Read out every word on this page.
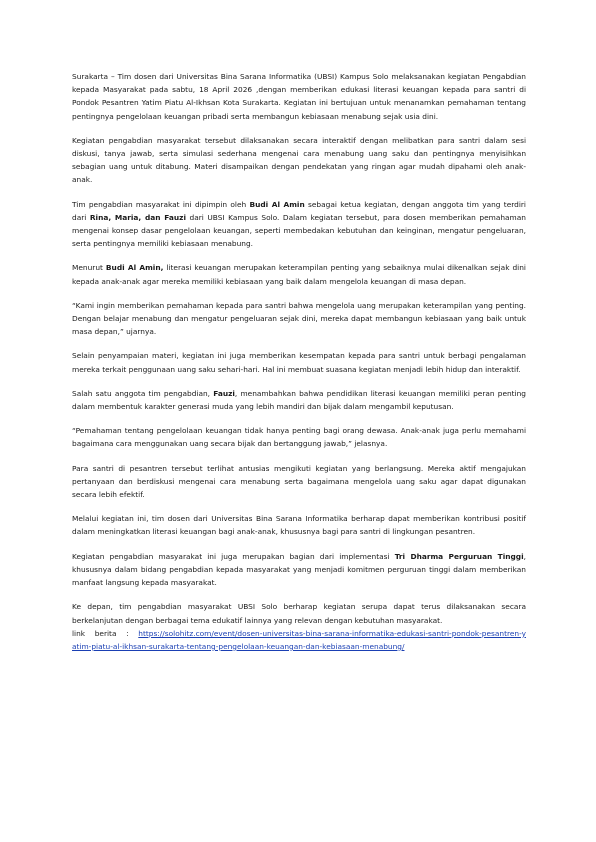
Surakarta – Tim dosen dari Universitas Bina Sarana Informatika (UBSI) Kampus Solo melaksanakan kegiatan Pengabdian kepada Masyarakat pada sabtu, 18 April 2026 ,dengan memberikan edukasi literasi keuangan kepada para santri di Pondok Pesantren Yatim Piatu Al-Ikhsan Kota Surakarta. Kegiatan ini bertujuan untuk menanamkan pemahaman tentang pentingnya pengelolaan keuangan pribadi serta membangun kebiasaan menabung sejak usia dini.

Kegiatan pengabdian masyarakat tersebut dilaksanakan secara interaktif dengan melibatkan para santri dalam sesi diskusi, tanya jawab, serta simulasi sederhana mengenai cara menabung uang saku dan pentingnya menyisihkan sebagian uang untuk ditabung. Materi disampaikan dengan pendekatan yang ringan agar mudah dipahami oleh anak-anak.

Tim pengabdian masyarakat ini dipimpin oleh Budi Al Amin sebagai ketua kegiatan, dengan anggota tim yang terdiri dari Rina, Maria, dan Fauzi dari UBSI Kampus Solo. Dalam kegiatan tersebut, para dosen memberikan pemahaman mengenai konsep dasar pengelolaan keuangan, seperti membedakan kebutuhan dan keinginan, mengatur pengeluaran, serta pentingnya memiliki kebiasaan menabung.

Menurut Budi Al Amin, literasi keuangan merupakan keterampilan penting yang sebaiknya mulai dikenalkan sejak dini kepada anak-anak agar mereka memiliki kebiasaan yang baik dalam mengelola keuangan di masa depan.

“Kami ingin memberikan pemahaman kepada para santri bahwa mengelola uang merupakan keterampilan yang penting. Dengan belajar menabung dan mengatur pengeluaran sejak dini, mereka dapat membangun kebiasaan yang baik untuk masa depan,” ujarnya.

Selain penyampaian materi, kegiatan ini juga memberikan kesempatan kepada para santri untuk berbagi pengalaman mereka terkait penggunaan uang saku sehari-hari. Hal ini membuat suasana kegiatan menjadi lebih hidup dan interaktif.

Salah satu anggota tim pengabdian, Fauzi, menambahkan bahwa pendidikan literasi keuangan memiliki peran penting dalam membentuk karakter generasi muda yang lebih mandiri dan bijak dalam mengambil keputusan.

“Pemahaman tentang pengelolaan keuangan tidak hanya penting bagi orang dewasa. Anak-anak juga perlu memahami bagaimana cara menggunakan uang secara bijak dan bertanggung jawab,” jelasnya.

Para santri di pesantren tersebut terlihat antusias mengikuti kegiatan yang berlangsung. Mereka aktif mengajukan pertanyaan dan berdiskusi mengenai cara menabung serta bagaimana mengelola uang saku agar dapat digunakan secara lebih efektif.

Melalui kegiatan ini, tim dosen dari Universitas Bina Sarana Informatika berharap dapat memberikan kontribusi positif dalam meningkatkan literasi keuangan bagi anak-anak, khususnya bagi para santri di lingkungan pesantren.

Kegiatan pengabdian masyarakat ini juga merupakan bagian dari implementasi Tri Dharma Perguruan Tinggi, khususnya dalam bidang pengabdian kepada masyarakat yang menjadi komitmen perguruan tinggi dalam memberikan manfaat langsung kepada masyarakat.

Ke depan, tim pengabdian masyarakat UBSI Solo berharap kegiatan serupa dapat terus dilaksanakan secara berkelanjutan dengan berbagai tema edukatif lainnya yang relevan dengan kebutuhan masyarakat.

link    berita    :    https://solohitz.com/event/dosen-universitas-bina-sarana-informatika-edukasi-santri-pondok-pesantren-yatim-piatu-al-ikhsan-surakarta-tentang-pengelolaan-keuangan-dan-kebiasaan-menabung/
